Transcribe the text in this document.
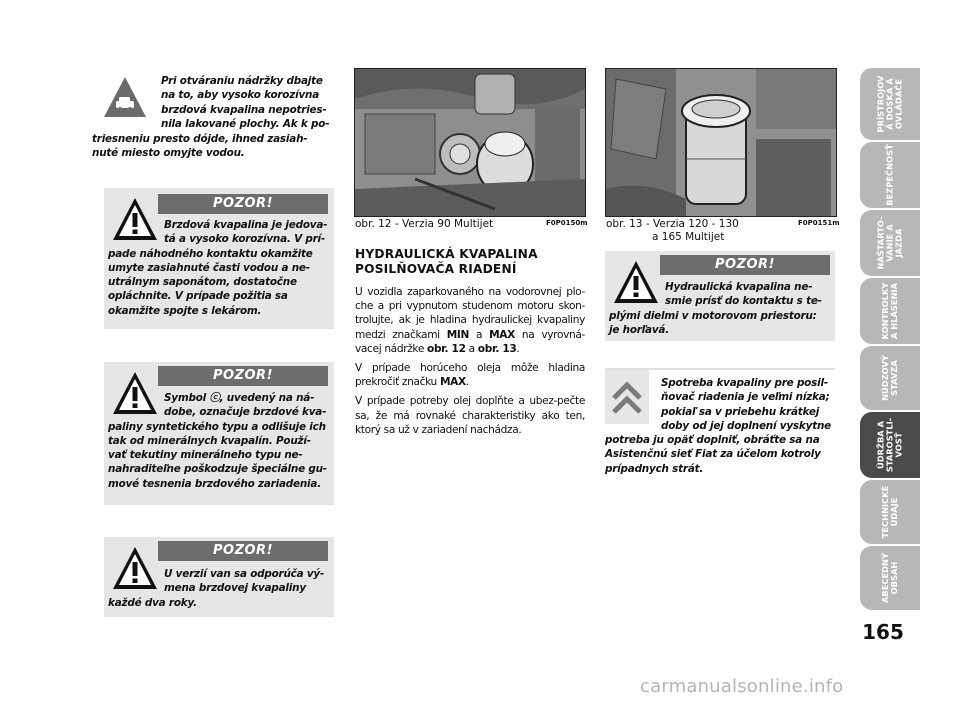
Pri otváraniu nádržky dbajte
na to, aby vysoko korozívna
brzdová kvapalina nepotries-
nila lakované plochy. Ak k po-
triesneniu presto dójde, ihned zasiah-
nuté miesto omyjte vodou.
POZOR!
Brzdová kvapalina je jedova-
tá a vysoko korozívna. V prí-
pade náhodného kontaktu okamžite
umyte zasiahnuté časti vodou a ne-
utrálnym saponátom, dostatočne
opláchnite. V prípade požitia sa
okamžite spojte s lekárom.
POZOR!
Symbol ⓒ, uvedený na ná-
dobe, označuje brzdové kva-
paliny syntetického typu a odlišuje ich
tak od minerálnych kvapalín. Použí-
vať tekutiny minerálneho typu ne-
nahraditeľne poškodzuje špeciálne gu-
mové tesnenia brzdového zariadenia.
POZOR!
U verzií van sa odporúča vý-
mena brzdovej kvapaliny
každé dva roky.
obr. 12 - Verzia 90 Multijet	F0P0150m
HYDRAULICKÁ KVAPALINA
POSILŇOVAČA RIADENÍ

U vozidla zaparkovaného na vodorovnej plo-che a pri vypnutom studenom motoru skon-trolujte, ak je hladina hydraulickej kvapaliny medzi značkami MIN a MAX na vyrovná-vacej nádržke obr. 12 a obr. 13.

V prípade horúceho oleja môže hladina prekročiť značku MAX.

V prípade potreby olej doplňte a ubez-pečte sa, že má rovnaké charakteristiky ako ten, ktorý sa už v zariadení nachádza.

obr. 13 - Verzia 120 - 130
a 165 Multijet
F0P0151m
POZOR!
Hydraulická kvapalina ne-
smie prísť do kontaktu s te-
plými dielmi v motorovom priestoru:
je horľavá.
Spotreba kvapaliny pre posil-
ňovač riadenia je veľmi nízka;
pokiaľ sa v priebehu krátkej
doby od jej doplnení vyskytne
potreba ju opäť doplniť, obráťte sa na
Asistenčnú sieť Fiat za účelom kotroly
prípadnych strát.
PRÍSTROJOV
Á DOSKA A
OVLÁDAČE
BEZPEČNOSŤ
NAŠTARTO-
VANIE A
JAZDA
KONTROLKY
A HLÁSENIA
NÚDZOVÝ
STAVZA
ÚDRŽBA A
STAROSTLI-
VOSŤ
TECHNICKÉ
ÚDAJE
ABECEDNÝ
OBSAH
165
carmanualsonline.info
